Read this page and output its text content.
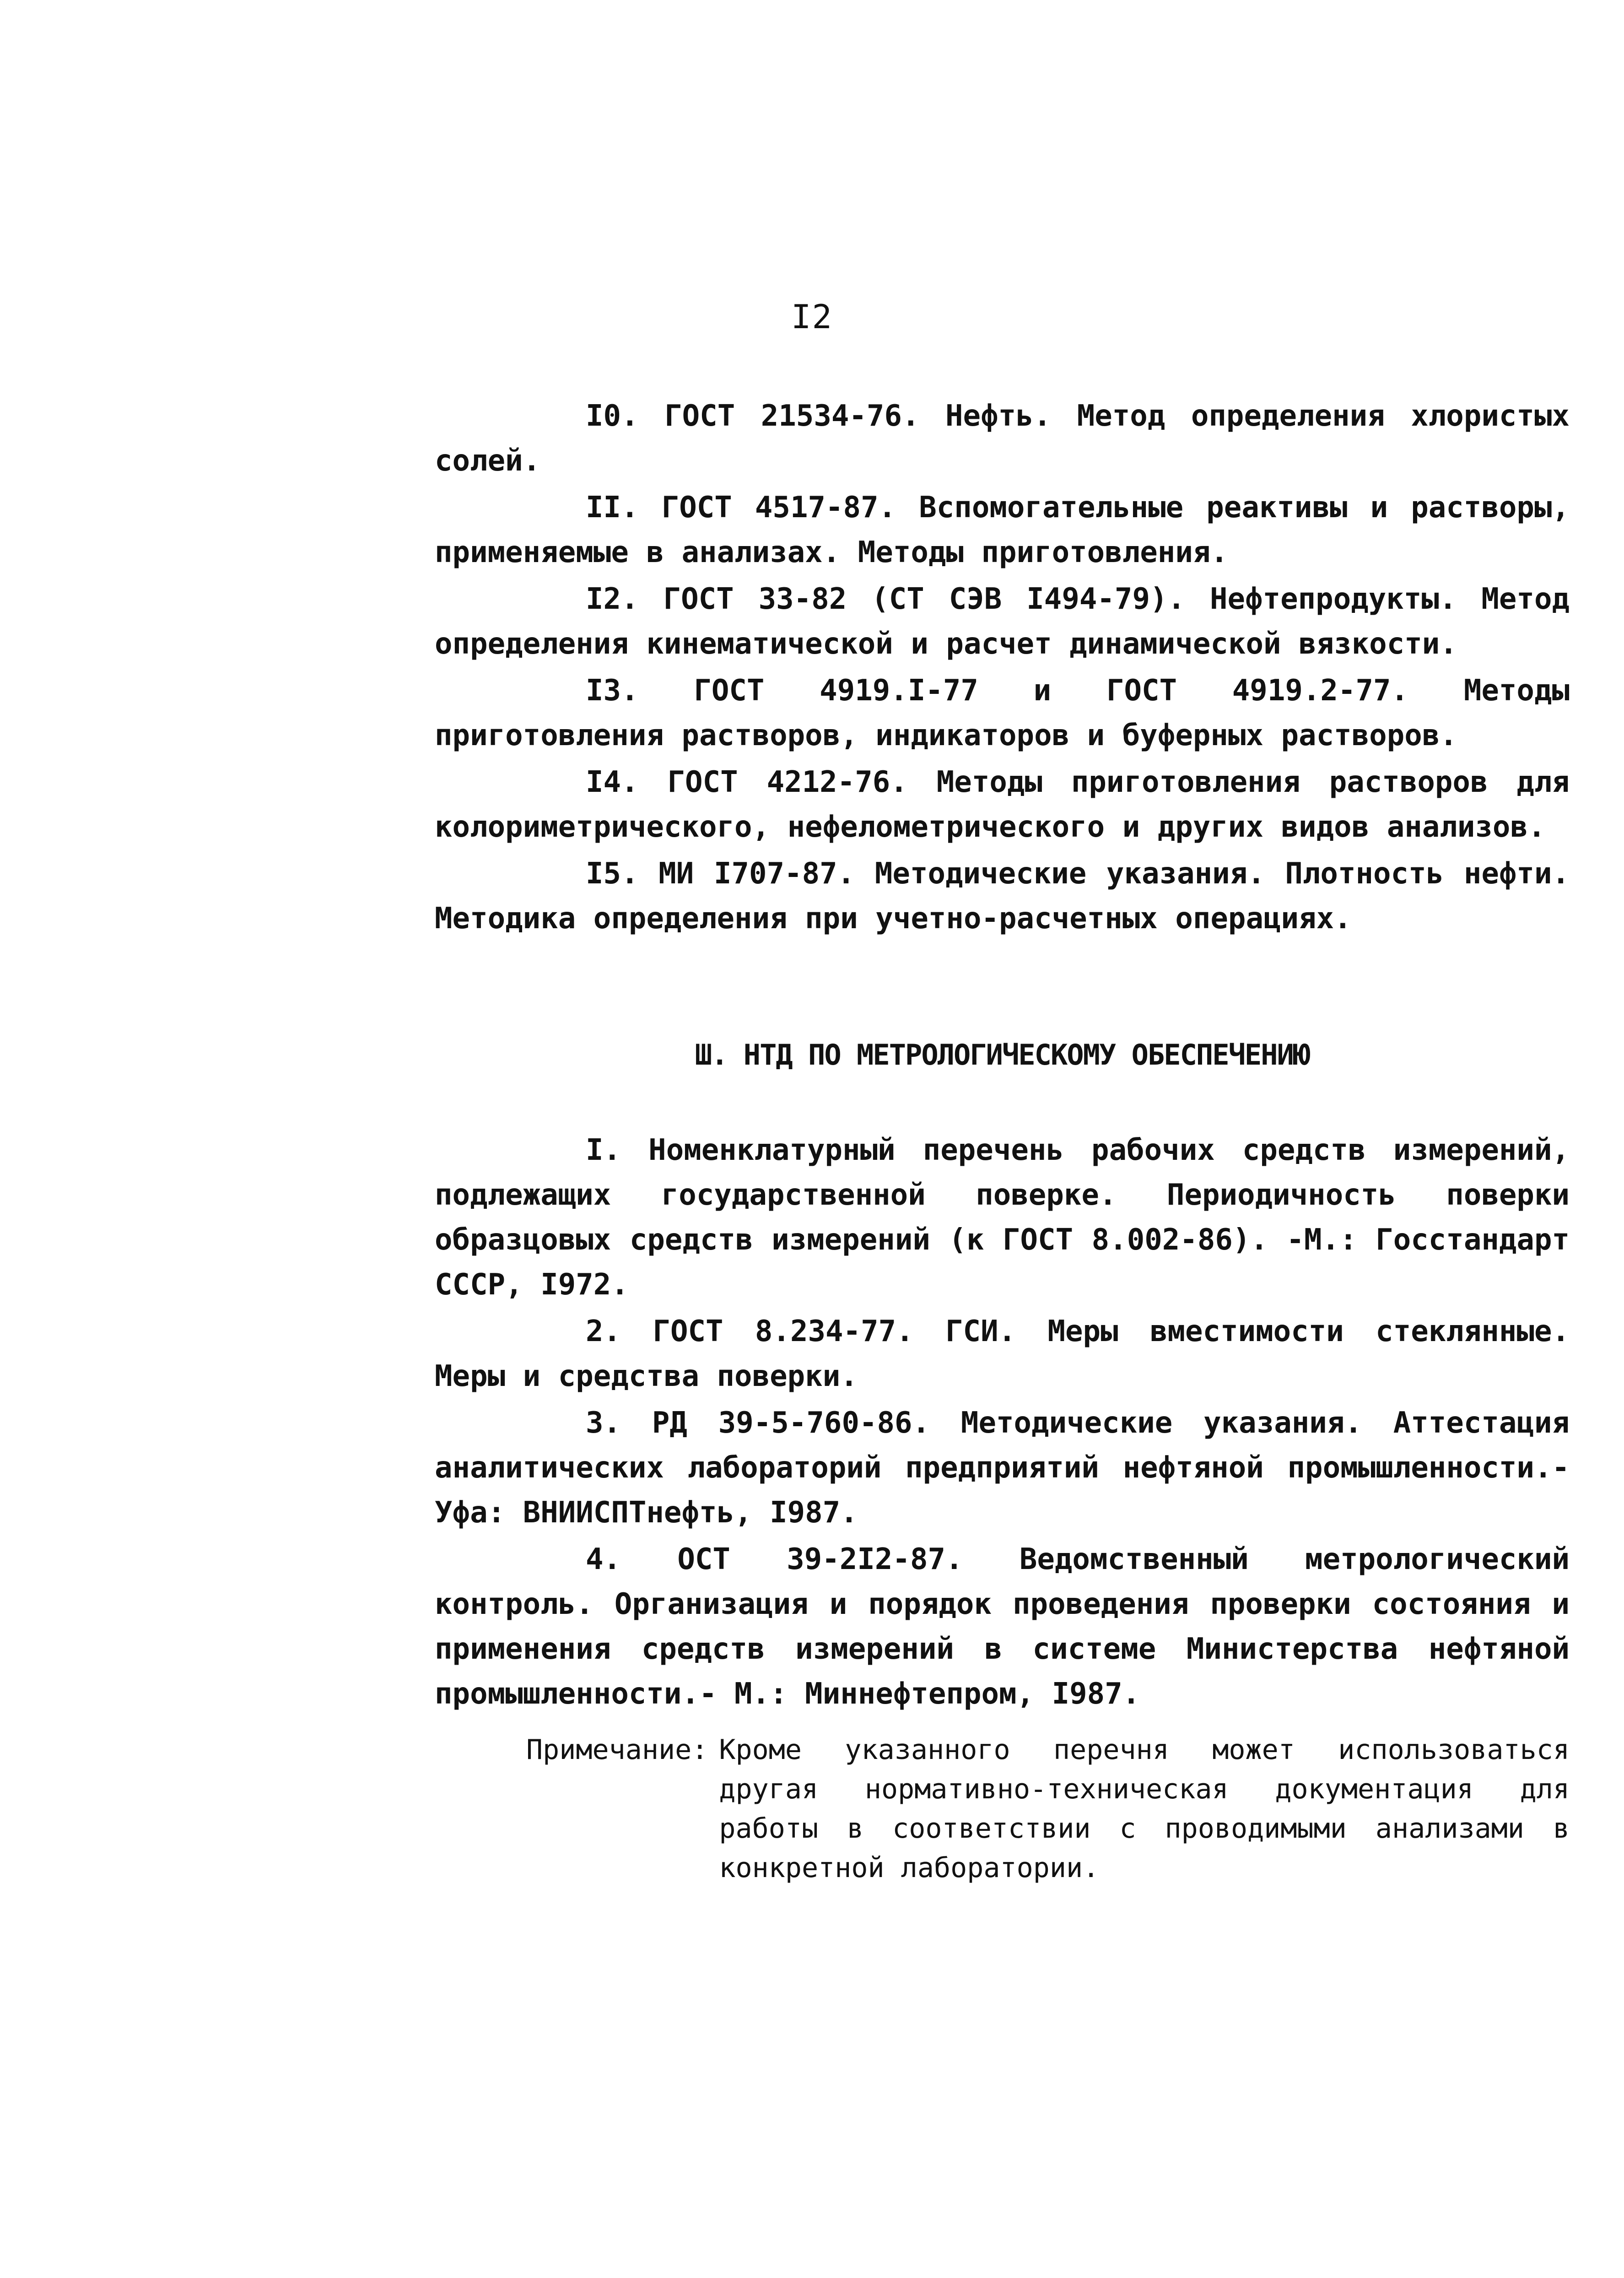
I2

I0. ГОСТ 21534-76. Нефть. Метод определения хлористых солей.

II. ГОСТ 4517-87. Вспомогательные реактивы и растворы, применяемые в анализах. Методы приготовления.

I2. ГОСТ 33-82 (СТ СЭВ I494-79). Нефтепродукты. Метод определения кинематической и расчет динамической вязкости.

I3. ГОСТ 4919.I-77 и ГОСТ 4919.2-77. Методы приготовления растворов, индикаторов и буферных растворов.

I4. ГОСТ 4212-76. Методы приготовления растворов для колориметрического, нефелометрического и других видов анализов.

I5. МИ I707-87. Методические указания. Плотность нефти. Методика определения при учетно-расчетных операциях.

Ш. НТД ПО МЕТРОЛОГИЧЕСКОМУ ОБЕСПЕЧЕНИЮ

I. Номенклатурный перечень рабочих средств измерений, подлежащих государственной поверке. Периодичность поверки образцовых средств измерений (к ГОСТ 8.002-86). -М.: Госстандарт СССР, I972.

2. ГОСТ 8.234-77. ГСИ. Меры вместимости стеклянные. Меры и средства поверки.

3. РД 39-5-760-86. Методические указания. Аттестация аналитических лабораторий предприятий нефтяной промышленности.-Уфа: ВНИИСПТнефть, I987.

4. ОСТ 39-2I2-87. Ведомственный метрологический контроль. Организация и порядок проведения проверки состояния и применения средств измерений в системе Министерства нефтяной промышленности.- М.: Миннефтепром, I987.

Примечание: Кроме указанного перечня может использоваться другая нормативно-техническая документация для работы в соответствии с проводимыми анализами в конкретной лаборатории.
